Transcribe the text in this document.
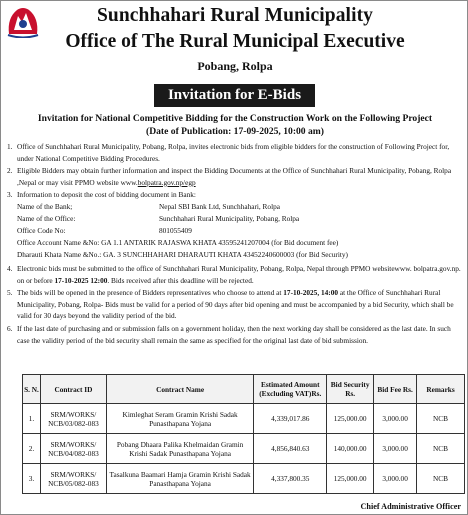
Sunchhahari Rural Municipality
Office of The Rural Municipal Executive
Pobang, Rolpa
Invitation for E-Bids
Invitation for National Competitive Bidding for the Construction Work on the Following Project
(Date of Publication: 17-09-2025, 10:00 am)
1. Office of Sunchhahari Rural Municipality, Pobang, Rolpa, invites electronic bids from eligible bidders for the construction of Following Project for, under National Competitive Bidding Procedures.
2. Eligible Bidders may obtain further information and inspect the Bidding Documents at the Office of Sunchhahari Rural Municipality, Pobang, Rolpa ,Nepal or may visit PPMO website www.bolpatra.gov.np/egp
3. Information to deposit the cost of bidding document in Bank:
Name of the Bank;	Nepal SBI Bank Ltd, Sunchhahari, Rolpa
Name of the Office:	Sunchhahari Rural Municipality, Pobang, Rolpa
Office Code No:	801055409
Office Account Name &No: GA 1.1 ANTARIK RAJASWA KHATA 43595241207004 (for Bid document fee)
Dharauti Khata Name &No.: GA. 3 SUNCHHAHARI DHARAUTI KHATA 43452240600003 (for Bid Security)
4. Electronic bids must be submitted to the office of Sunchhahari Rural Municipality, Pobang, Rolpa, Nepal through PPMO websitewww. bolpatra.gov.np. on or before 17-10-2025 12:00. Bids received after this deadline will be rejected.
5. The bids will be opened in the presence of Bidders representatives who choose to attend at 17-10-2025, 14:00 at the Office of Sunchhahari Rural Municipality, Pobang, Rolpa- Bids must be valid for a period of 90 days after bid opening and must be accompanied by a bid Security, which shall be valid for 30 days beyond the validity period of the bid.
6. If the last date of purchasing and or submission falls on a government holiday, then the next working day shall be considered as the last date. In such case the validity period of the bid security shall remain the same as specified for the original last date of bid submission.
S. N.	Contract ID	Contract Name	Estimated Amount (Excluding VAT)Rs.	Bid Security Rs.	Bid Fee Rs.	Remarks
1.	SRM/WORKS/ NCB/03/082-083	Kimleghat Seram Gramin Krishi Sadak Punasthapana Yojana	4,339,017.86	125,000.00	3,000.00	NCB
2.	SRM/WORKS/ NCB/04/082-083	Pobang Dhaara Palika Khelmaidan Gramin Krishi Sadak Punasthapana Yojana	4,856,840.63	140,000.00	3,000.00	NCB
3.	SRM/WORKS/ NCB/05/082-083	Tasalkuna Baamari Hamja Gramin Krishi Sadak Panasthapana Yojana	4,337,800.35	125,000.00	3,000.00	NCB
Chief Administrative Officer
